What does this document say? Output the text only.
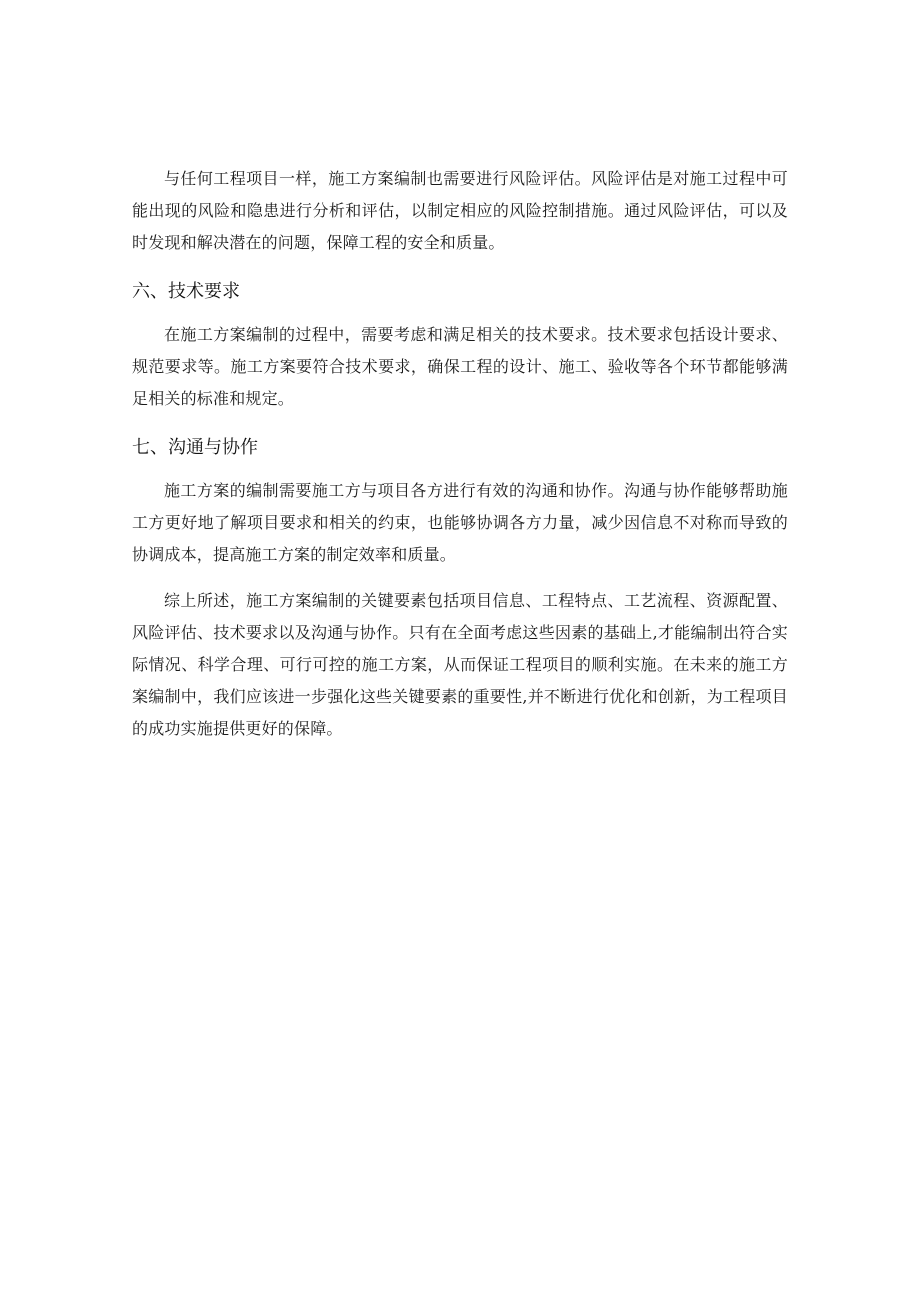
与任何工程项目一样，施工方案编制也需要进行风险评估。风险评估是对施工过程中可能出现的风险和隐患进行分析和评估，以制定相应的风险控制措施。通过风险评估，可以及时发现和解决潜在的问题，保障工程的安全和质量。

六、技术要求

在施工方案编制的过程中，需要考虑和满足相关的技术要求。技术要求包括设计要求、规范要求等。施工方案要符合技术要求，确保工程的设计、施工、验收等各个环节都能够满足相关的标准和规定。

七、沟通与协作

施工方案的编制需要施工方与项目各方进行有效的沟通和协作。沟通与协作能够帮助施工方更好地了解项目要求和相关的约束，也能够协调各方力量，减少因信息不对称而导致的协调成本，提高施工方案的制定效率和质量。

综上所述，施工方案编制的关键要素包括项目信息、工程特点、工艺流程、资源配置、风险评估、技术要求以及沟通与协作。只有在全面考虑这些因素的基础上,才能编制出符合实际情况、科学合理、可行可控的施工方案，从而保证工程项目的顺利实施。在未来的施工方案编制中，我们应该进一步强化这些关键要素的重要性,并不断进行优化和创新，为工程项目的成功实施提供更好的保障。
